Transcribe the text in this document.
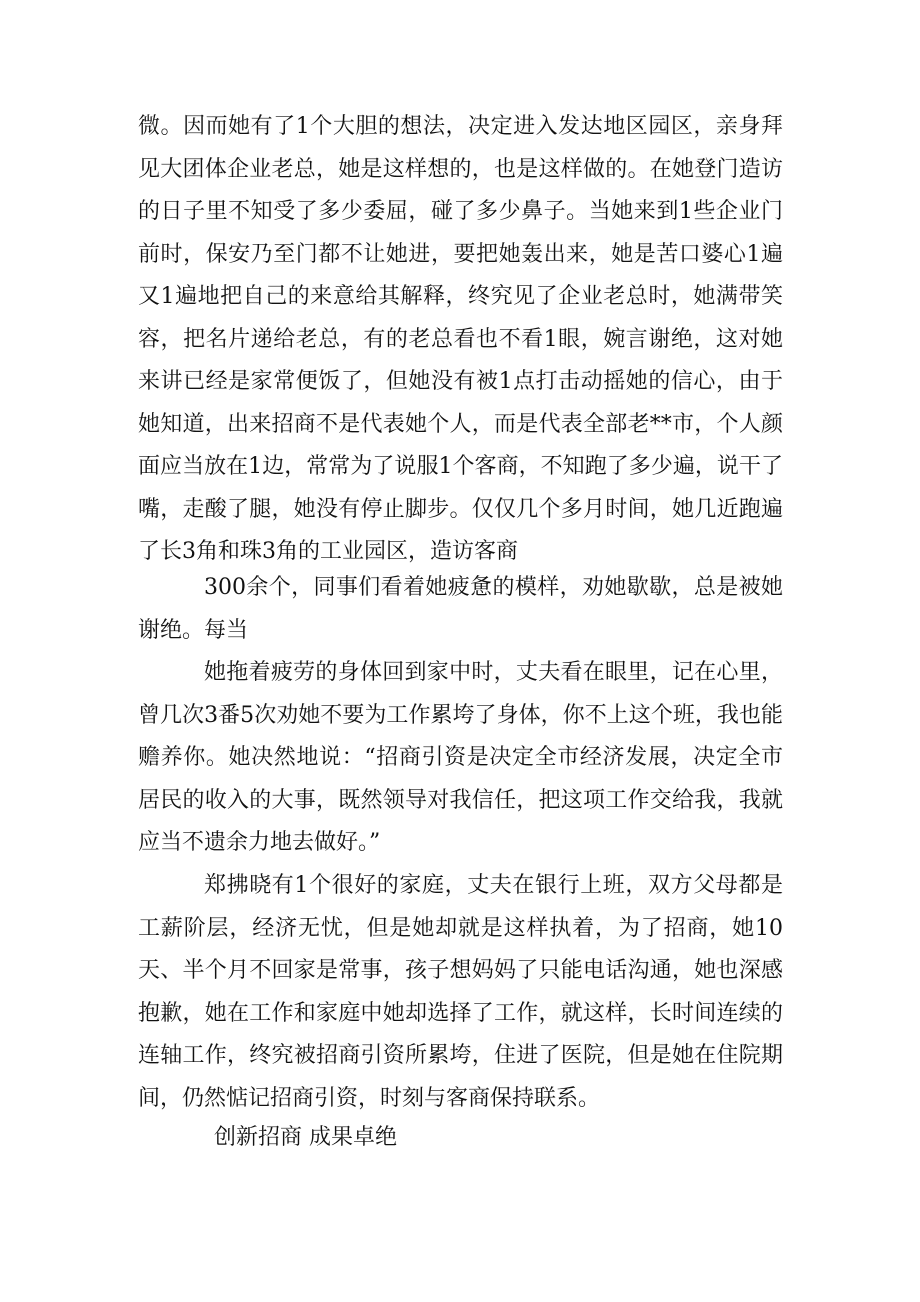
微。因而她有了1个大胆的想法，决定进入发达地区园区，亲身拜见大团体企业老总，她是这样想的，也是这样做的。在她登门造访的日子里不知受了多少委屈，碰了多少鼻子。当她来到1些企业门前时，保安乃至门都不让她进，要把她轰出来，她是苦口婆心1遍又1遍地把自己的来意给其解释，终究见了企业老总时，她满带笑容，把名片递给老总，有的老总看也不看1眼，婉言谢绝，这对她来讲已经是家常便饭了，但她没有被1点打击动摇她的信心，由于她知道，出来招商不是代表她个人，而是代表全部老**市，个人颜面应当放在1边，常常为了说服1个客商，不知跑了多少遍，说干了嘴，走酸了腿，她没有停止脚步。仅仅几个多月时间，她几近跑遍了长3角和珠3角的工业园区，造访客商

300余个，同事们看着她疲惫的模样，劝她歇歇，总是被她谢绝。每当

她拖着疲劳的身体回到家中时，丈夫看在眼里，记在心里，曾几次3番5次劝她不要为工作累垮了身体，你不上这个班，我也能赡养你。她决然地说：“招商引资是决定全市经济发展，决定全市居民的收入的大事，既然领导对我信任，把这项工作交给我，我就应当不遗余力地去做好。”

郑拂晓有1个很好的家庭，丈夫在银行上班，双方父母都是工薪阶层，经济无忧，但是她却就是这样执着，为了招商，她10天、半个月不回家是常事，孩子想妈妈了只能电话沟通，她也深感抱歉，她在工作和家庭中她却选择了工作，就这样，长时间连续的连轴工作，终究被招商引资所累垮，住进了医院，但是她在住院期间，仍然惦记招商引资，时刻与客商保持联系。

创新招商 成果卓绝
